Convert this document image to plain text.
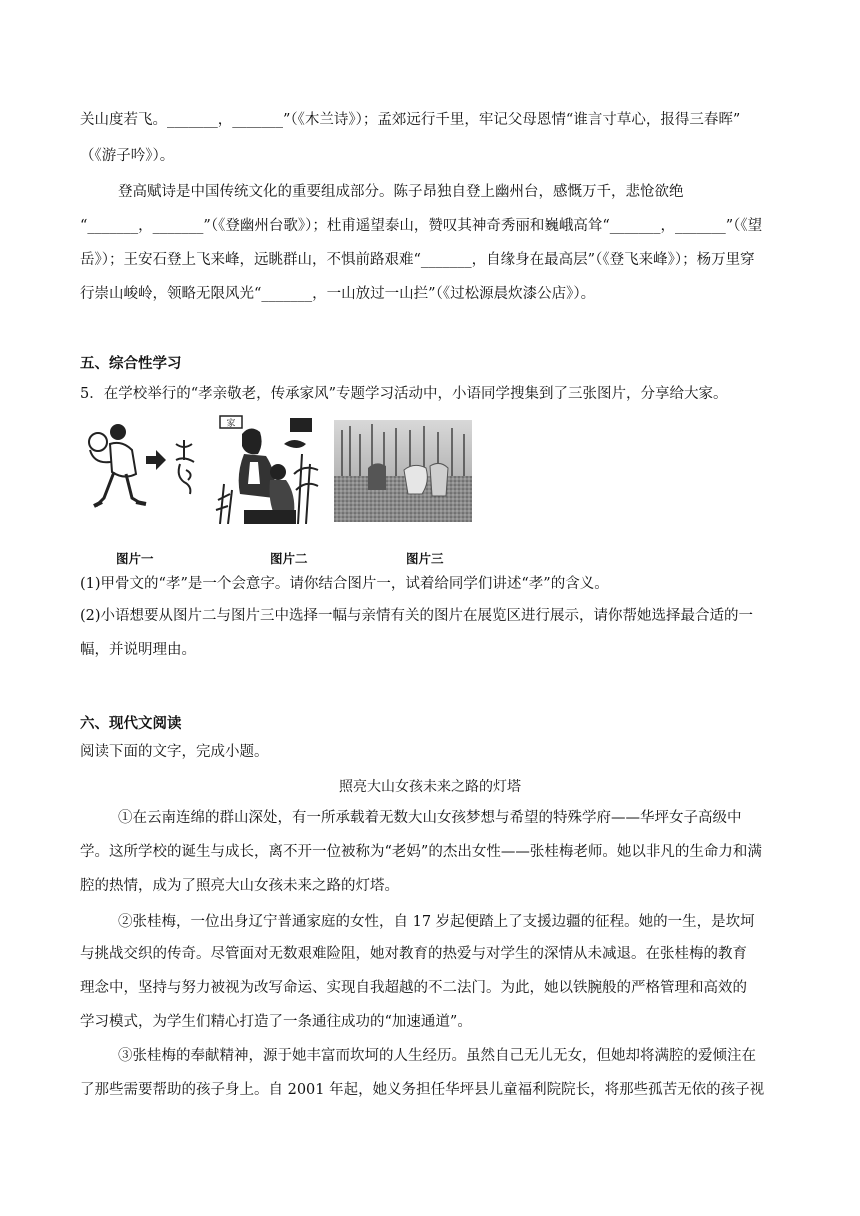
关山度若飞。_______，_______”（《木兰诗》）；孟郊远行千里，牢记父母恩情“谁言寸草心，报得三春晖”
（《游子吟》）。
登高赋诗是中国传统文化的重要组成部分。陈子昂独自登上幽州台，感慨万千，悲怆欲绝
“_______，_______”（《登幽州台歌》）；杜甫遥望泰山，赞叹其神奇秀丽和巍峨高耸“_______，_______”（《望
岳》）；王安石登上飞来峰，远眺群山，不惧前路艰难“_______，自缘身在最高层”（《登飞来峰》）；杨万里穿
行崇山峻岭，领略无限风光“_______，一山放过一山拦”（《过松源晨炊漆公店》）。
五、综合性学习
5．在学校举行的“孝亲敬老，传承家风”专题学习活动中，小语同学搜集到了三张图片，分享给大家。
家
图片一	图片二	图片三
(1)甲骨文的“孝”是一个会意字。请你结合图片一，试着给同学们讲述“孝”的含义。
(2)小语想要从图片二与图片三中选择一幅与亲情有关的图片在展览区进行展示，请你帮她选择最合适的一
幅，并说明理由。
六、现代文阅读
阅读下面的文字，完成小题。
照亮大山女孩未来之路的灯塔
①在云南连绵的群山深处，有一所承载着无数大山女孩梦想与希望的特殊学府——华坪女子高级中
学。这所学校的诞生与成长，离不开一位被称为“老妈”的杰出女性——张桂梅老师。她以非凡的生命力和满
腔的热情，成为了照亮大山女孩未来之路的灯塔。
②张桂梅，一位出身辽宁普通家庭的女性，自 17 岁起便踏上了支援边疆的征程。她的一生，是坎坷
与挑战交织的传奇。尽管面对无数艰难险阻，她对教育的热爱与对学生的深情从未减退。在张桂梅的教育
理念中，坚持与努力被视为改写命运、实现自我超越的不二法门。为此，她以铁腕般的严格管理和高效的
学习模式，为学生们精心打造了一条通往成功的“加速通道”。
③张桂梅的奉献精神，源于她丰富而坎坷的人生经历。虽然自己无儿无女，但她却将满腔的爱倾注在
了那些需要帮助的孩子身上。自 2001 年起，她义务担任华坪县儿童福利院院长，将那些孤苦无依的孩子视
